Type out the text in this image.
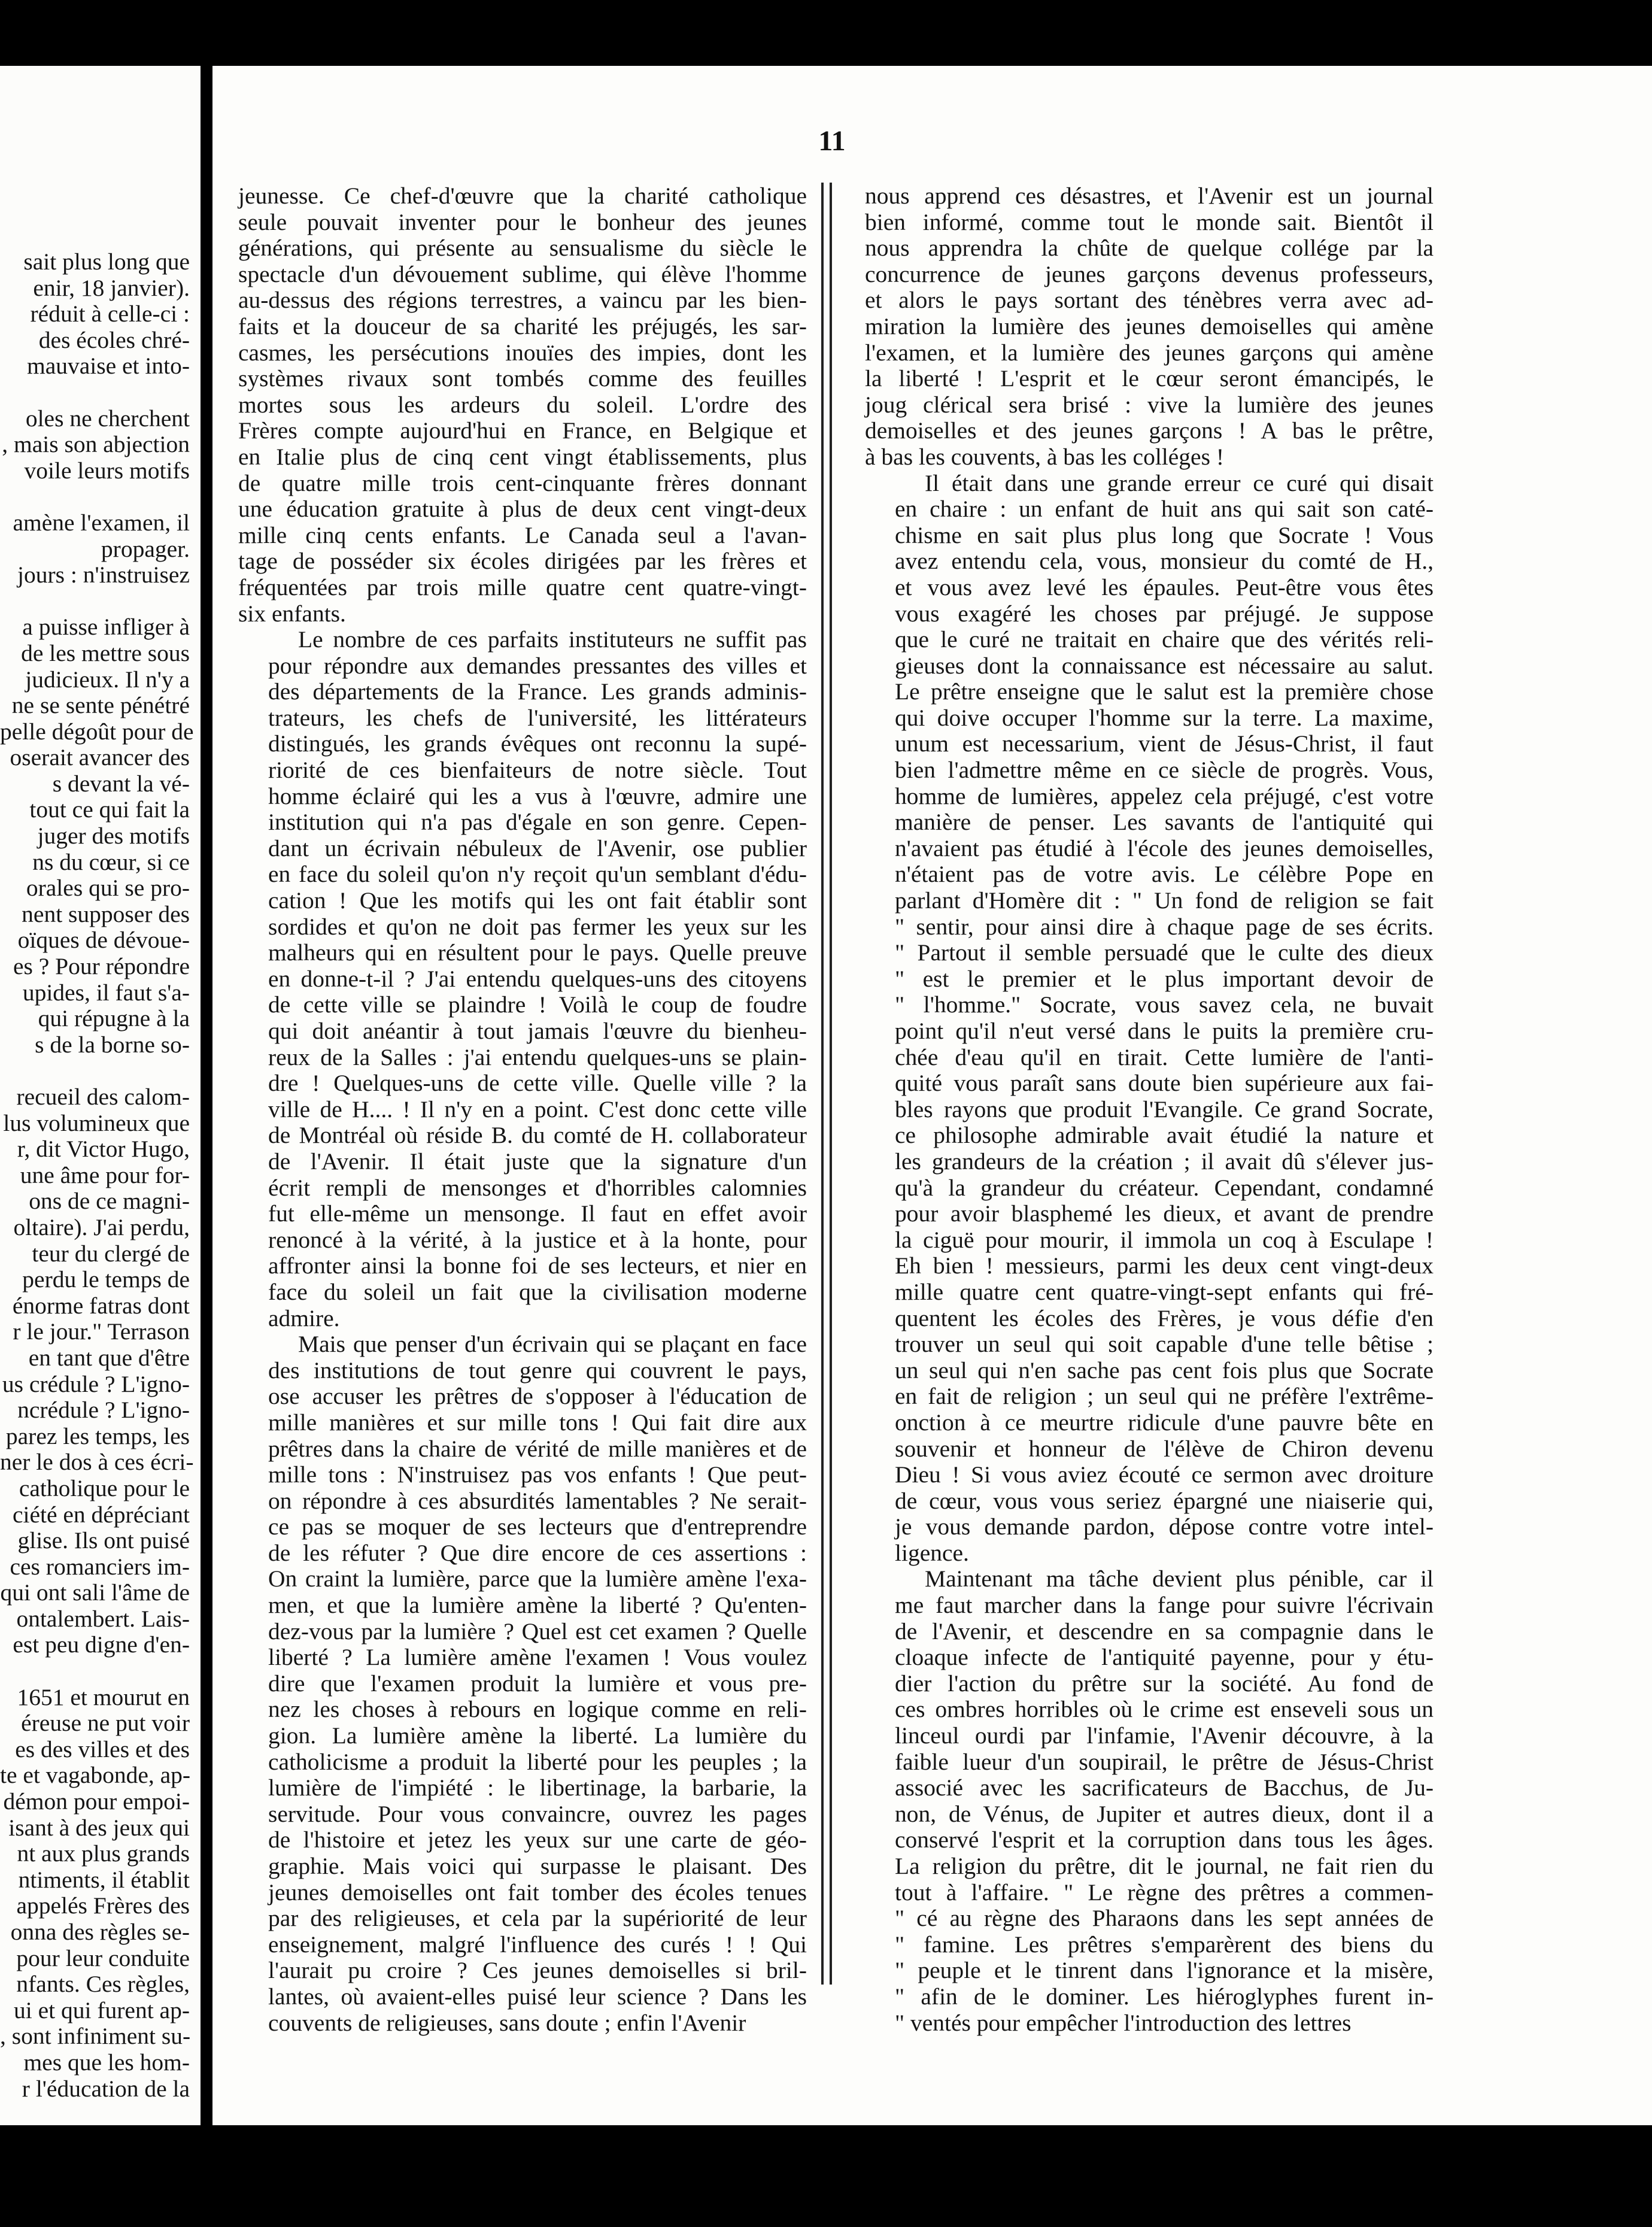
sait plus long que
enir, 18 janvier).
réduit à celle-ci :
des écoles chré-
mauvaise et into-
oles ne cherchent
, mais son abjection
voile leurs motifs
amène l'examen, il
propager.
jours : n'instruisez
a puisse infliger à
de les mettre sous
judicieux. Il n'y a
ne se sente pénétré
pelle dégoût pour de
oserait avancer des
s devant la vé-
tout ce qui fait la
juger des motifs
ns du cœur, si ce
orales qui se pro-
nent supposer des
oïques de dévoue-
es ? Pour répondre
upides, il faut s'a-
qui répugne à la
s de la borne so-
recueil des calom-
lus volumineux que
r, dit Victor Hugo,
une âme pour for-
ons de ce magni-
oltaire). J'ai perdu,
teur du clergé de
perdu le temps de
énorme fatras dont
r le jour." Terrason
en tant que d'être
us crédule ? L'igno-
ncrédule ? L'igno-
parez les temps, les
ner le dos à ces écri-
catholique pour le
ciété en dépréciant
glise. Ils ont puisé
ces romanciers im-
qui ont sali l'âme de
ontalembert. Lais-
est peu digne d'en-
1651 et mourut en
éreuse ne put voir
es des villes et des
te et vagabonde, ap-
démon pour empoi-
isant à des jeux qui
nt aux plus grands
ntiments, il établit
appelés Frères des
onna des règles se-
pour leur conduite
nfants. Ces règles,
ui et qui furent ap-
, sont infiniment su-
mes que les hom-
r l'éducation de la
11

jeunesse. Ce chef-d'œuvre que la charité catholique
seule pouvait inventer pour le bonheur des jeunes
générations, qui présente au sensualisme du siècle le
spectacle d'un dévouement sublime, qui élève l'homme
au-dessus des régions terrestres, a vaincu par les bien-
faits et la douceur de sa charité les préjugés, les sar-
casmes, les persécutions inouïes des impies, dont les
systèmes rivaux sont tombés comme des feuilles
mortes sous les ardeurs du soleil. L'ordre des
Frères compte aujourd'hui en France, en Belgique et
en Italie plus de cinq cent vingt établissements, plus
de quatre mille trois cent-cinquante frères donnant
une éducation gratuite à plus de deux cent vingt-deux
mille cinq cents enfants. Le Canada seul a l'avan-
tage de posséder six écoles dirigées par les frères et
fréquentées par trois mille quatre cent quatre-vingt-
six enfants.

Le nombre de ces parfaits instituteurs ne suffit pas
pour répondre aux demandes pressantes des villes et
des départements de la France. Les grands adminis-
trateurs, les chefs de l'université, les littérateurs
distingués, les grands évêques ont reconnu la supé-
riorité de ces bienfaiteurs de notre siècle. Tout
homme éclairé qui les a vus à l'œuvre, admire une
institution qui n'a pas d'égale en son genre. Cepen-
dant un écrivain nébuleux de l'Avenir, ose publier
en face du soleil qu'on n'y reçoit qu'un semblant d'édu-
cation ! Que les motifs qui les ont fait établir sont
sordides et qu'on ne doit pas fermer les yeux sur les
malheurs qui en résultent pour le pays. Quelle preuve
en donne-t-il ? J'ai entendu quelques-uns des citoyens
de cette ville se plaindre ! Voilà le coup de foudre
qui doit anéantir à tout jamais l'œuvre du bienheu-
reux de la Salles : j'ai entendu quelques-uns se plain-
dre ! Quelques-uns de cette ville. Quelle ville ? la
ville de H.... ! Il n'y en a point. C'est donc cette ville
de Montréal où réside B. du comté de H. collaborateur
de l'Avenir. Il était juste que la signature d'un
écrit rempli de mensonges et d'horribles calomnies
fut elle-même un mensonge. Il faut en effet avoir
renoncé à la vérité, à la justice et à la honte, pour
affronter ainsi la bonne foi de ses lecteurs, et nier en
face du soleil un fait que la civilisation moderne
admire.

Mais que penser d'un écrivain qui se plaçant en face
des institutions de tout genre qui couvrent le pays,
ose accuser les prêtres de s'opposer à l'éducation de
mille manières et sur mille tons ! Qui fait dire aux
prêtres dans la chaire de vérité de mille manières et de
mille tons : N'instruisez pas vos enfants ! Que peut-
on répondre à ces absurdités lamentables ? Ne serait-
ce pas se moquer de ses lecteurs que d'entreprendre
de les réfuter ? Que dire encore de ces assertions :
On craint la lumière, parce que la lumière amène l'exa-
men, et que la lumière amène la liberté ? Qu'enten-
dez-vous par la lumière ? Quel est cet examen ? Quelle
liberté ? La lumière amène l'examen ! Vous voulez
dire que l'examen produit la lumière et vous pre-
nez les choses à rebours en logique comme en reli-
gion. La lumière amène la liberté. La lumière du
catholicisme a produit la liberté pour les peuples ; la
lumière de l'impiété : le libertinage, la barbarie, la
servitude. Pour vous convaincre, ouvrez les pages
de l'histoire et jetez les yeux sur une carte de géo-
graphie. Mais voici qui surpasse le plaisant. Des
jeunes demoiselles ont fait tomber des écoles tenues
par des religieuses, et cela par la supériorité de leur
enseignement, malgré l'influence des curés ! ! Qui
l'aurait pu croire ? Ces jeunes demoiselles si bril-
lantes, où avaient-elles puisé leur science ? Dans les
couvents de religieuses, sans doute ; enfin l'Avenir

nous apprend ces désastres, et l'Avenir est un journal
bien informé, comme tout le monde sait. Bientôt il
nous apprendra la chûte de quelque collége par la
concurrence de jeunes garçons devenus professeurs,
et alors le pays sortant des ténèbres verra avec ad-
miration la lumière des jeunes demoiselles qui amène
l'examen, et la lumière des jeunes garçons qui amène
la liberté ! L'esprit et le cœur seront émancipés, le
joug clérical sera brisé : vive la lumière des jeunes
demoiselles et des jeunes garçons ! A bas le prêtre,
à bas les couvents, à bas les colléges !

Il était dans une grande erreur ce curé qui disait
en chaire : un enfant de huit ans qui sait son caté-
chisme en sait plus plus long que Socrate ! Vous
avez entendu cela, vous, monsieur du comté de H.,
et vous avez levé les épaules. Peut-être vous êtes
vous exagéré les choses par préjugé. Je suppose
que le curé ne traitait en chaire que des vérités reli-
gieuses dont la connaissance est nécessaire au salut.
Le prêtre enseigne que le salut est la première chose
qui doive occuper l'homme sur la terre. La maxime,
unum est necessarium, vient de Jésus-Christ, il faut
bien l'admettre même en ce siècle de progrès. Vous,
homme de lumières, appelez cela préjugé, c'est votre
manière de penser. Les savants de l'antiquité qui
n'avaient pas étudié à l'école des jeunes demoiselles,
n'étaient pas de votre avis. Le célèbre Pope en
parlant d'Homère dit : " Un fond de religion se fait
" sentir, pour ainsi dire à chaque page de ses écrits.
" Partout il semble persuadé que le culte des dieux
" est le premier et le plus important devoir de
" l'homme." Socrate, vous savez cela, ne buvait
point qu'il n'eut versé dans le puits la première cru-
chée d'eau qu'il en tirait. Cette lumière de l'anti-
quité vous paraît sans doute bien supérieure aux fai-
bles rayons que produit l'Evangile. Ce grand Socrate,
ce philosophe admirable avait étudié la nature et
les grandeurs de la création ; il avait dû s'élever jus-
qu'à la grandeur du créateur. Cependant, condamné
pour avoir blasphemé les dieux, et avant de prendre
la ciguë pour mourir, il immola un coq à Esculape !
Eh bien ! messieurs, parmi les deux cent vingt-deux
mille quatre cent quatre-vingt-sept enfants qui fré-
quentent les écoles des Frères, je vous défie d'en
trouver un seul qui soit capable d'une telle bêtise ;
un seul qui n'en sache pas cent fois plus que Socrate
en fait de religion ; un seul qui ne préfère l'extrême-
onction à ce meurtre ridicule d'une pauvre bête en
souvenir et honneur de l'élève de Chiron devenu
Dieu ! Si vous aviez écouté ce sermon avec droiture
de cœur, vous vous seriez épargné une niaiserie qui,
je vous demande pardon, dépose contre votre intel-
ligence.

Maintenant ma tâche devient plus pénible, car il
me faut marcher dans la fange pour suivre l'écrivain
de l'Avenir, et descendre en sa compagnie dans le
cloaque infecte de l'antiquité payenne, pour y étu-
dier l'action du prêtre sur la société. Au fond de
ces ombres horribles où le crime est enseveli sous un
linceul ourdi par l'infamie, l'Avenir découvre, à la
faible lueur d'un soupirail, le prêtre de Jésus-Christ
associé avec les sacrificateurs de Bacchus, de Ju-
non, de Vénus, de Jupiter et autres dieux, dont il a
conservé l'esprit et la corruption dans tous les âges.
La religion du prêtre, dit le journal, ne fait rien du
tout à l'affaire. " Le règne des prêtres a commen-
" cé au règne des Pharaons dans les sept années de
" famine. Les prêtres s'emparèrent des biens du
" peuple et le tinrent dans l'ignorance et la misère,
" afin de le dominer. Les hiéroglyphes furent in-
" ventés pour empêcher l'introduction des lettres
